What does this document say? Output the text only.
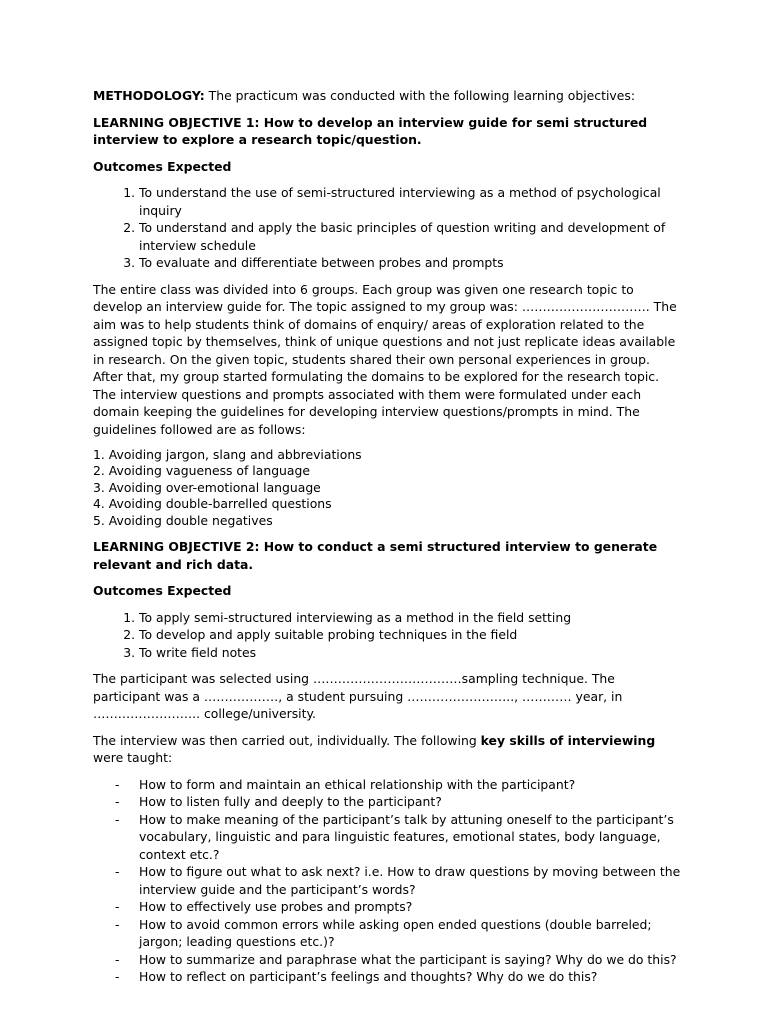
METHODOLOGY: The practicum was conducted with the following learning objectives:

LEARNING OBJECTIVE 1: How to develop an interview guide for semi structured interview to explore a research topic/question.

Outcomes Expected

1. To understand the use of semi-structured interviewing as a method of psychological inquiry
2. To understand and apply the basic principles of question writing and development of interview schedule
3. To evaluate and differentiate between probes and prompts

The entire class was divided into 6 groups. Each group was given one research topic to develop an interview guide for. The topic assigned to my group was: …………………………. The aim was to help students think of domains of enquiry/ areas of exploration related to the assigned topic by themselves, think of unique questions and not just replicate ideas available in research. On the given topic, students shared their own personal experiences in group. After that, my group started formulating the domains to be explored for the research topic. The interview questions and prompts associated with them were formulated under each domain keeping the guidelines for developing interview questions/prompts in mind. The guidelines followed are as follows:

1. Avoiding jargon, slang and abbreviations
2. Avoiding vagueness of language
3. Avoiding over-emotional language
4. Avoiding double-barrelled questions
5. Avoiding double negatives

LEARNING OBJECTIVE 2: How to conduct a semi structured interview to generate relevant and rich data.

Outcomes Expected

1. To apply semi-structured interviewing as a method in the field setting
2. To develop and apply suitable probing techniques in the field
3. To write field notes

The participant was selected using ………………………………sampling technique. The participant was a ………………, a student pursuing …………………….., ………… year, in …………………….. college/university.

The interview was then carried out, individually. The following key skills of interviewing were taught:

- How to form and maintain an ethical relationship with the participant?
- How to listen fully and deeply to the participant?
- How to make meaning of the participant’s talk by attuning oneself to the participant’s vocabulary, linguistic and para linguistic features, emotional states, body language, context etc.?
- How to figure out what to ask next? i.e. How to draw questions by moving between the interview guide and the participant’s words?
- How to effectively use probes and prompts?
- How to avoid common errors while asking open ended questions (double barreled; jargon; leading questions etc.)?
- How to summarize and paraphrase what the participant is saying? Why do we do this?
- How to reflect on participant’s feelings and thoughts? Why do we do this?
